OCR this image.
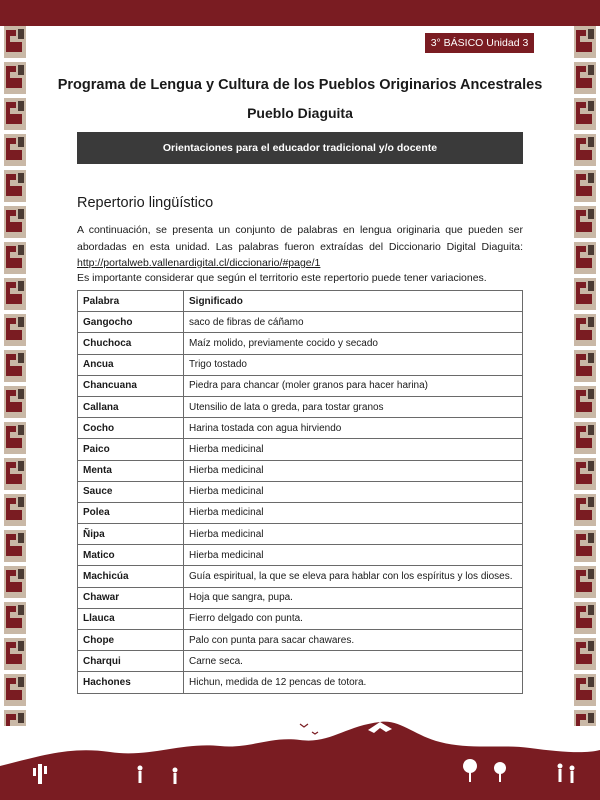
3° BÁSICO Unidad 3
Programa de Lengua y Cultura de los Pueblos Originarios Ancestrales
Pueblo Diaguita
Orientaciones para el educador tradicional y/o docente
Repertorio lingüístico
A continuación, se presenta un conjunto de palabras en lengua originaria que pueden ser abordadas en esta unidad. Las palabras fueron extraídas del Diccionario Digital Diaguita: http://portalweb.vallenardigital.cl/diccionario/#page/1
Es importante considerar que según el territorio este repertorio puede tener variaciones.
Palabra	Significado
Gangocho	saco de fibras de cáñamo
Chuchoca	Maíz molido, previamente cocido y secado
Ancua	Trigo tostado
Chancuana	Piedra para chancar (moler granos para hacer harina)
Callana	Utensilio de lata o greda, para tostar granos
Cocho	Harina tostada con agua hirviendo
Paico	Hierba medicinal
Menta	Hierba medicinal
Sauce	Hierba medicinal
Polea	Hierba medicinal
Ñipa	Hierba medicinal
Matico	Hierba medicinal
Machicúa	Guía espiritual, la que se eleva para hablar con los espíritus y los dioses.
Chawar	Hoja que sangra, pupa.
Llauca	Fierro delgado con punta.
Chope	Palo con punta para sacar chawares.
Charqui	Carne seca.
Hachones	Hichun, medida de 12 pencas de totora.
